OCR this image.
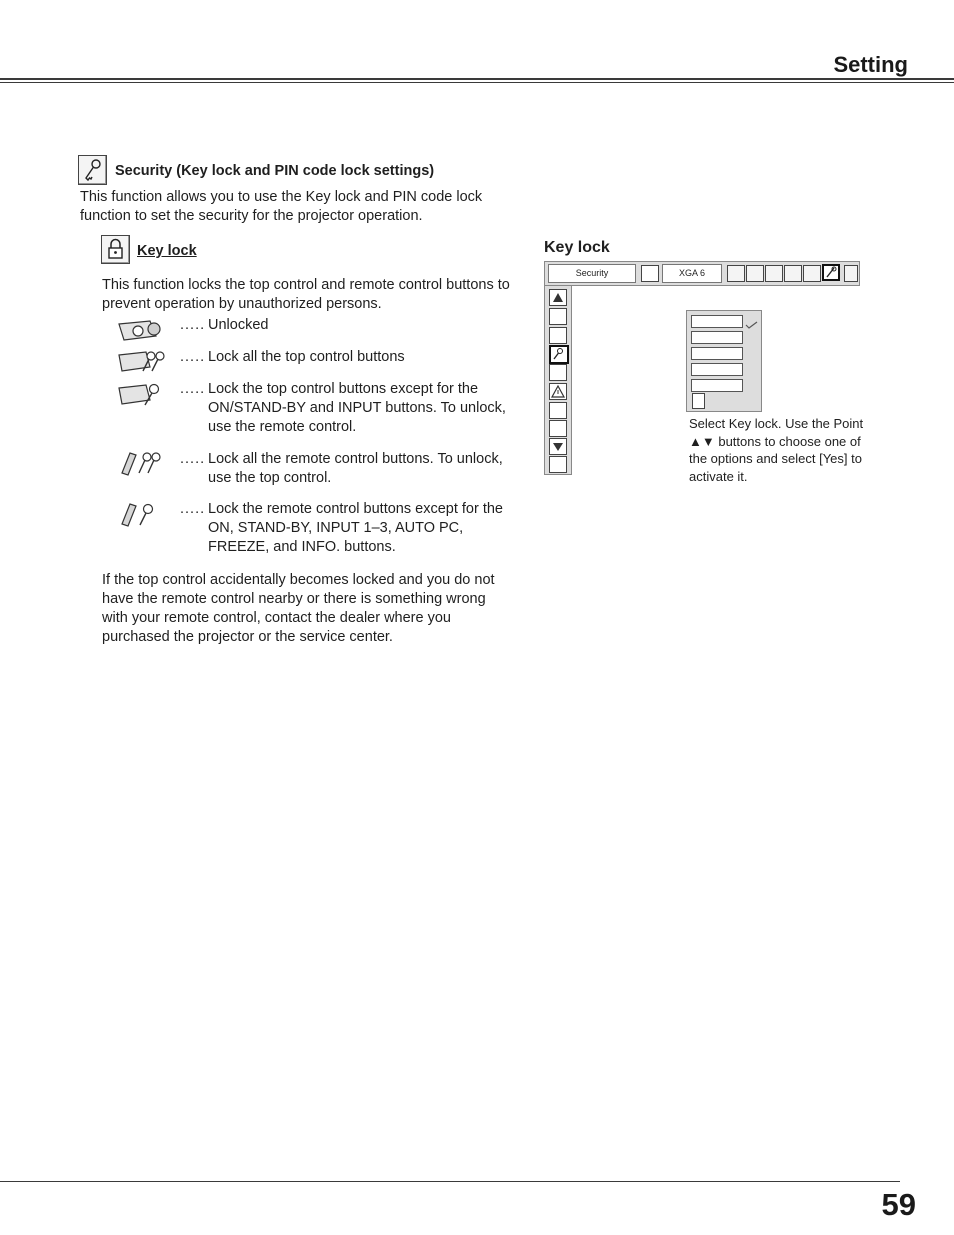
Setting
Security (Key lock and PIN code lock settings)
This function allows you to use the Key lock and PIN code lock function to set the security for the projector operation.
Key lock
This function locks the top control and remote control buttons to prevent operation by unauthorized persons.
..... Unlocked
..... Lock all the top control buttons
..... Lock the top control buttons except for the ON/STAND-BY and INPUT buttons. To unlock, use the remote control.
..... Lock all the remote control buttons. To unlock, use the top control.
..... Lock the remote control buttons except for the ON, STAND-BY, INPUT 1–3, AUTO PC, FREEZE, and INFO. buttons.
If the top control accidentally becomes locked and you do not have the remote control nearby or there is something wrong with your remote control, contact the dealer where you purchased the projector or the service center.
Key lock
Security	XGA 6
Select Key lock. Use the Point ▲▼ buttons to choose one of the options and select [Yes] to activate it.
59
